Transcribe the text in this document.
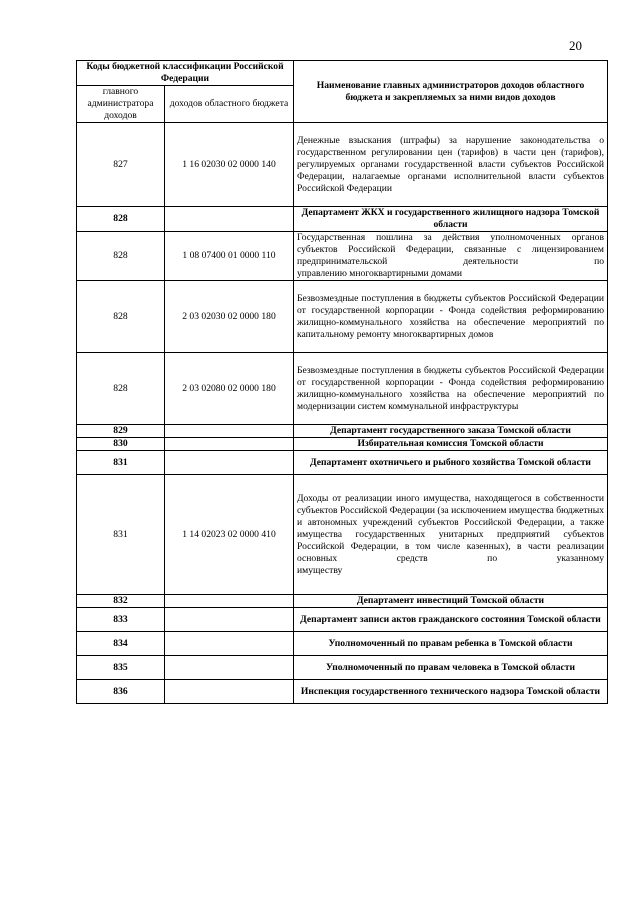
20
Коды бюджетной классификации Российской Федерации		Наименование главных администраторов доходов областного бюджета и закрепляемых за ними видов доходов
главного администратора доходов	доходов областного бюджета	
827	1 16 02030 02 0000 140	Денежные взыскания (штрафы) за нарушение законодательства о государственном регулировании цен (тарифов) в части цен (тарифов), регулируемых органами государственной власти субъектов Российской Федерации, налагаемые органами исполнительной власти субъектов
Российской Федерации

828		Департамент ЖКХ и государственного жилищного надзора Томской области
828	1 08 07400 01 0000 110	Государственная пошлина за действия уполномоченных органов субъектов Российской Федерации, связанные с лицензированием предпринимательской деятельности по
управлению многоквартирными домами

828	2 03 02030 02 0000 180	Безвозмездные поступления в бюджеты субъектов Российской Федерации от государственной корпорации - Фонда содействия реформированию жилищно-коммунального хозяйства на обеспечение мероприятий по
капитальному ремонту многоквартирных домов

828	2 03 02080 02 0000 180	Безвозмездные поступления в бюджеты субъектов Российской Федерации от государственной корпорации - Фонда содействия реформированию жилищно-коммунального хозяйства на обеспечение мероприятий по
модернизации систем коммунальной инфраструктуры

829		Департамент государственного заказа Томской области
830		Избирательная комиссия Томской области
831		Департамент охотничьего и рыбного хозяйства Томской области
831	1 14 02023 02 0000 410	Доходы от реализации иного имущества, находящегося в собственности субъектов Российской Федерации (за исключением имущества бюджетных и автономных учреждений субъектов Российской Федерации, а также имущества государственных унитарных предприятий субъектов Российской Федерации, в том числе казенных), в части реализации основных средств по указанному
имуществу

832		Департамент инвестиций Томской области
833		Департамент записи актов гражданского состояния Томской области
834		Уполномоченный по правам ребенка в Томской области
835		Уполномоченный по правам человека в Томской области
836		Инспекция государственного технического надзора Томской области
